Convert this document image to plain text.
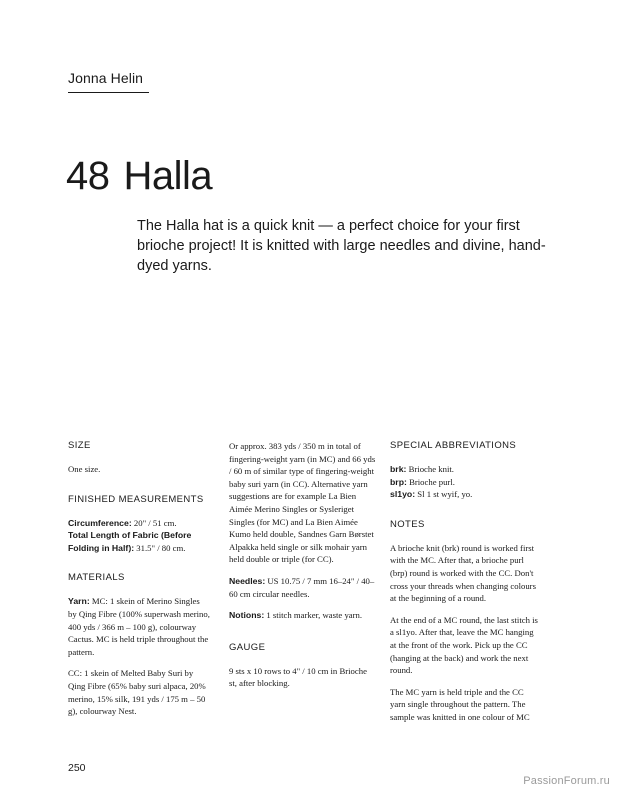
Jonna Helin
48 Halla
The Halla hat is a quick knit — a perfect choice for your first brioche project! It is knitted with large needles and divine, hand-dyed yarns.
SIZE

One size.

FINISHED MEASUREMENTS

Circumference: 20" / 51 cm.

Total Length of Fabric (Before Folding in Half): 31.5" / 80 cm.

MATERIALS

Yarn: MC: 1 skein of Merino Singles by Qing Fibre (100% superwash merino, 400 yds / 366 m – 100 g), colourway Cactus. MC is held triple throughout the pattern.

CC: 1 skein of Melted Baby Suri by Qing Fibre (65% baby suri alpaca, 20% merino, 15% silk, 191 yds / 175 m – 50 g), colourway Nest.

Or approx. 383 yds / 350 m in total of fingering-weight yarn (in MC) and 66 yds / 60 m of similar type of fingering-weight baby suri yarn (in CC). Alternative yarn suggestions are for example La Bien Aimée Merino Singles or Sysleriget Singles (for MC) and La Bien Aimée Kumo held double, Sandnes Garn Børstet Alpakka held single or silk mohair yarn held double or triple (for CC).

Needles: US 10.75 / 7 mm 16–24" / 40–60 cm circular needles.

Notions: 1 stitch marker, waste yarn.

GAUGE

9 sts x 10 rows to 4" / 10 cm in Brioche st, after blocking.

SPECIAL ABBREVIATIONS

brk: Brioche knit.

brp: Brioche purl.

sl1yo: Sl 1 st wyif, yo.

NOTES

A brioche knit (brk) round is worked first with the MC. After that, a brioche purl (brp) round is worked with the CC. Don't cross your threads when changing colours at the beginning of a round.

At the end of a MC round, the last stitch is a sl1yo. After that, leave the MC hanging at the front of the work. Pick up the CC (hanging at the back) and work the next round.

The MC yarn is held triple and the CC yarn single throughout the pattern. The sample was knitted in one colour of MC

250
PassionForum.ru
